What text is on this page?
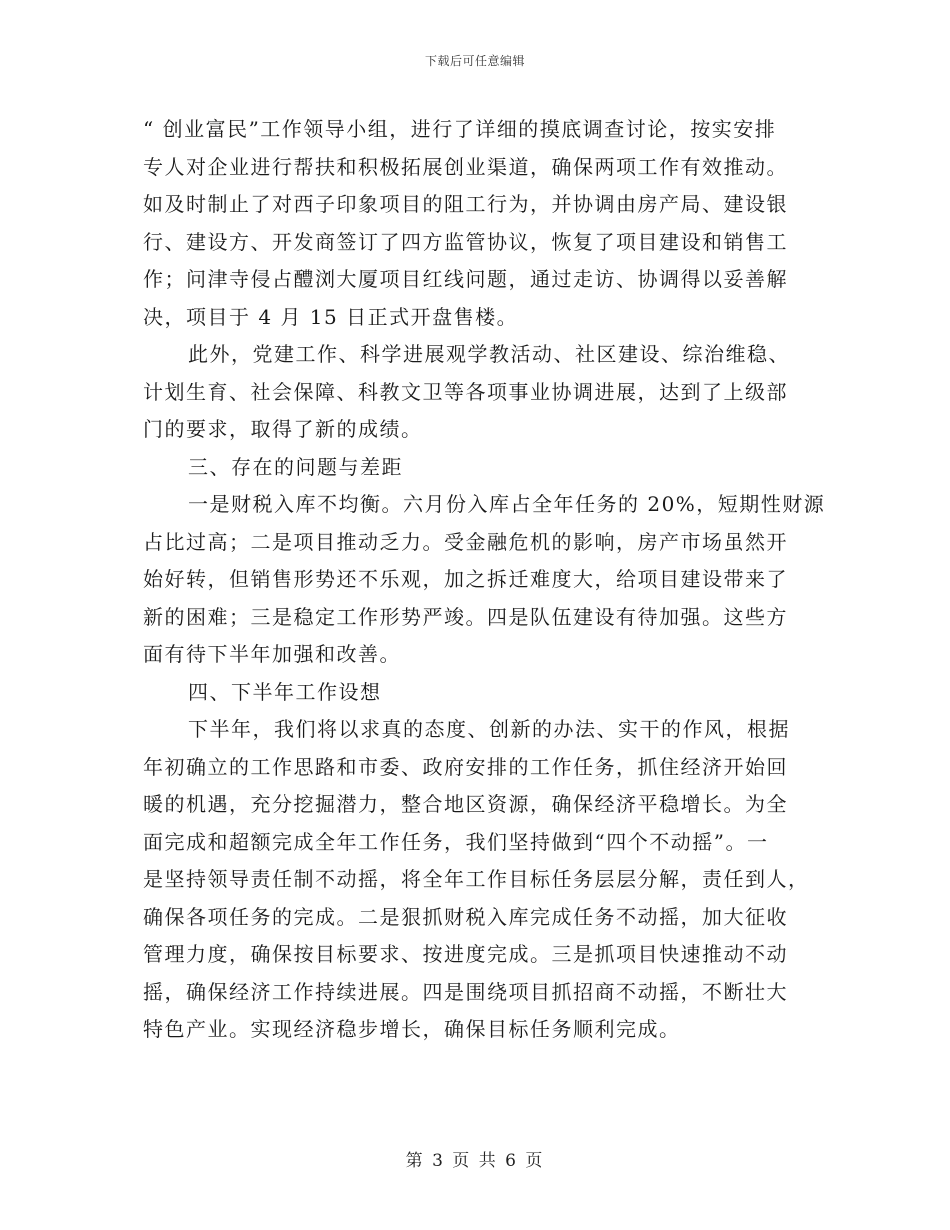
下载后可任意编辑
“ 创业富民”工作领导小组，进行了详细的摸底调查讨论，按实安排
专人对企业进行帮扶和积极拓展创业渠道，确保两项工作有效推动。
如及时制止了对西子印象项目的阻工行为，并协调由房产局、建设银
行、建设方、开发商签订了四方监管协议，恢复了项目建设和销售工
作；问津寺侵占醴浏大厦项目红线问题，通过走访、协调得以妥善解
决，项目于 4 月 15 日正式开盘售楼。
此外，党建工作、科学进展观学教活动、社区建设、综治维稳、
计划生育、社会保障、科教文卫等各项事业协调进展，达到了上级部
门的要求，取得了新的成绩。
三、存在的问题与差距
一是财税入库不均衡。六月份入库占全年任务的 20%，短期性财源
占比过高；二是项目推动乏力。受金融危机的影响，房产市场虽然开
始好转，但销售形势还不乐观，加之拆迁难度大，给项目建设带来了
新的困难；三是稳定工作形势严竣。四是队伍建设有待加强。这些方
面有待下半年加强和改善。
四、下半年工作设想
下半年，我们将以求真的态度、创新的办法、实干的作风，根据
年初确立的工作思路和市委、政府安排的工作任务，抓住经济开始回
暖的机遇，充分挖掘潜力，整合地区资源，确保经济平稳增长。为全
面完成和超额完成全年工作任务，我们坚持做到“四个不动摇”。一
是坚持领导责任制不动摇，将全年工作目标任务层层分解，责任到人，
确保各项任务的完成。二是狠抓财税入库完成任务不动摇，加大征收
管理力度，确保按目标要求、按进度完成。三是抓项目快速推动不动
摇，确保经济工作持续进展。四是围绕项目抓招商不动摇，不断壮大
特色产业。实现经济稳步增长，确保目标任务顺利完成。
第 3 页 共 6 页
